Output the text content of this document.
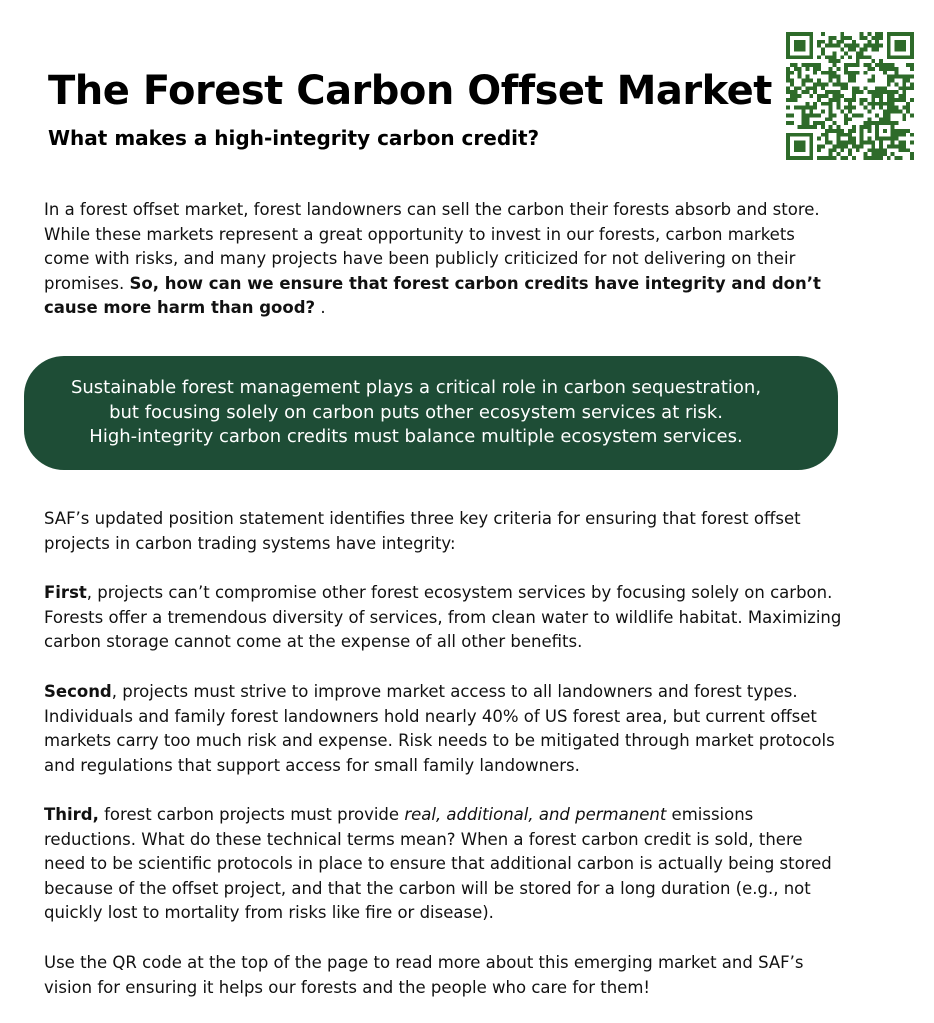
The Forest Carbon Offset Market
What makes a high-integrity carbon credit?

In a forest offset market, forest landowners can sell the carbon their forests absorb and store. While these markets represent a great opportunity to invest in our forests, carbon markets come with risks, and many projects have been publicly criticized for not delivering on their promises. So, how can we ensure that forest carbon credits have integrity and don’t cause more harm than good? .

Sustainable forest management plays a critical role in carbon sequestration,
but focusing solely on carbon puts other ecosystem services at risk.
High-integrity carbon credits must balance multiple ecosystem services.

SAF’s updated position statement identifies three key criteria for ensuring that forest offset projects in carbon trading systems have integrity:

First, projects can’t compromise other forest ecosystem services by focusing solely on carbon. Forests offer a tremendous diversity of services, from clean water to wildlife habitat. Maximizing carbon storage cannot come at the expense of all other benefits.

Second, projects must strive to improve market access to all landowners and forest types. Individuals and family forest landowners hold nearly 40% of US forest area, but current offset markets carry too much risk and expense. Risk needs to be mitigated through market protocols and regulations that support access for small family landowners.

Third, forest carbon projects must provide real, additional, and permanent emissions reductions. What do these technical terms mean? When a forest carbon credit is sold, there need to be scientific protocols in place to ensure that additional carbon is actually being stored because of the offset project, and that the carbon will be stored for a long duration (e.g., not quickly lost to mortality from risks like fire or disease).

Use the QR code at the top of the page to read more about this emerging market and SAF’s vision for ensuring it helps our forests and the people who care for them!
